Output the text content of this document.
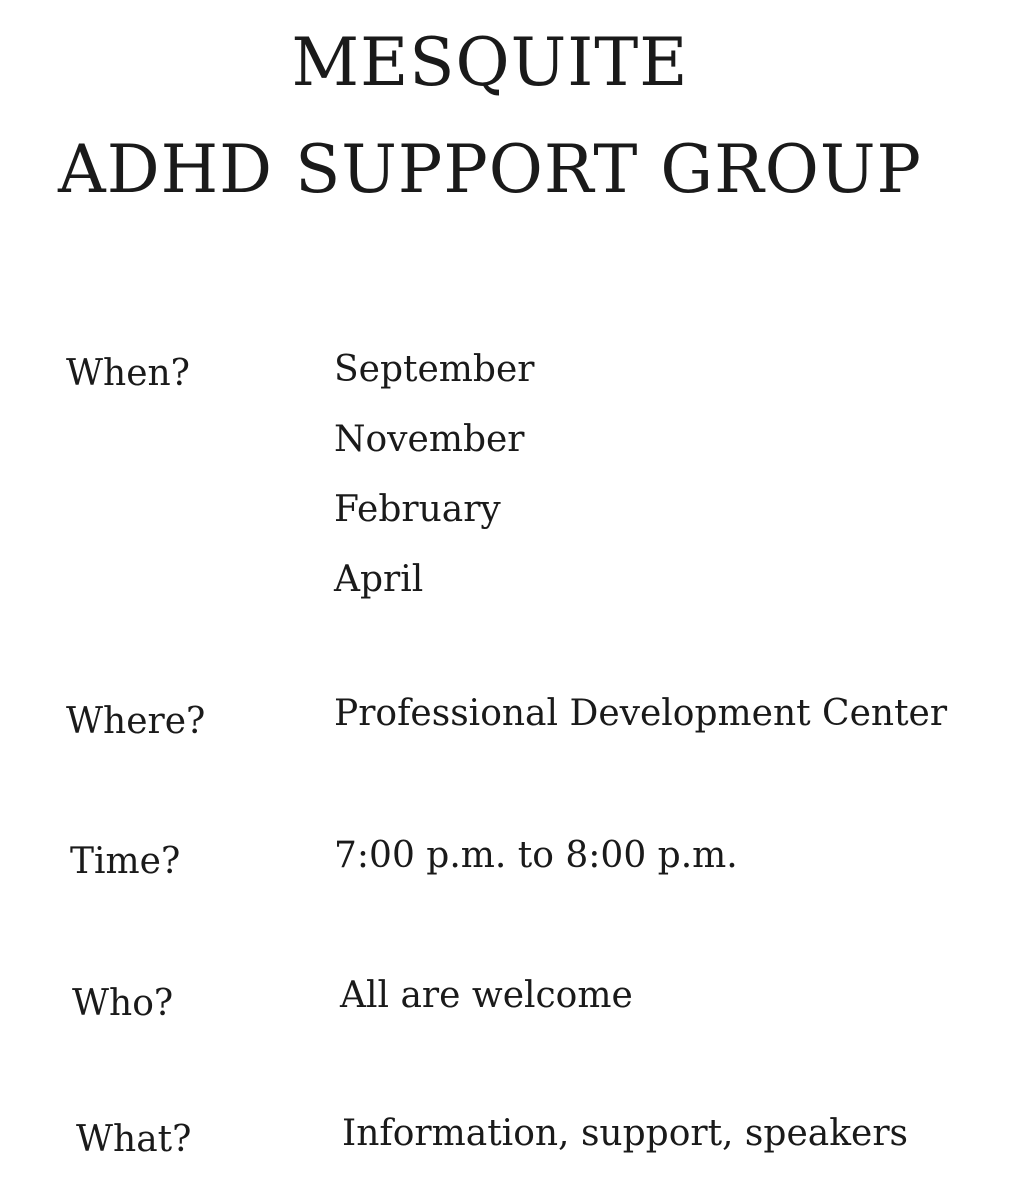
MESQUITE
ADHD SUPPORT GROUP
When?	September
November
February
April
Where?	Professional Development Center
Time?	7:00 p.m. to 8:00 p.m.
Who?	All are welcome
What?	Information, support, speakers
